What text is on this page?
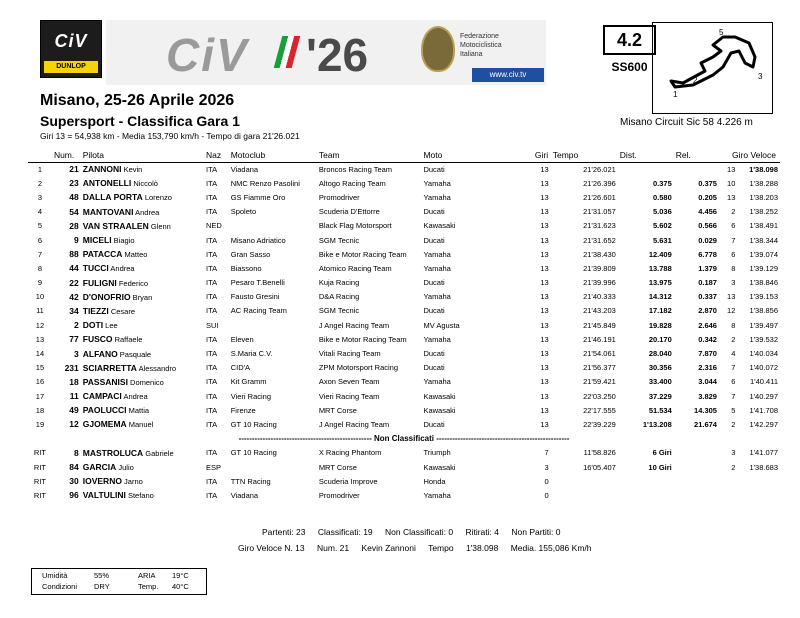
CiV
DUNLOP CiV '26	Federazione Motociclistica Italiana
www.civ.tv
4.2
SS600
1
2	3
5
Misano, 25-26 Aprile 2026
Supersport - Classifica Gara 1	Misano Circuit Sic 58 4.226 m
Giri 13 = 54,938 km - Media 153,790 km/h - Tempo di gara 21'26.021
	Num.	Pilota	Naz	Motoclub	Team	Moto	Giri	Tempo	Dist.	Rel.	Giro Veloce	
1	21	ZANNONI Kevin	ITA	Viadana	Broncos Racing Team	Ducati	13	21'26.021			13	1'38.098
2	23	ANTONELLI Niccolò	ITA	NMC Renzo Pasolini	Altogo Racing Team	Yamaha	13	21'26.396	0.375	0.375	10	1'38.288
3	48	DALLA PORTA Lorenzo	ITA	GS Fiamme Oro	Promodriver	Yamaha	13	21'26.601	0.580	0.205	13	1'38.203
4	54	MANTOVANI Andrea	ITA	Spoleto	Scuderia D'Ettorre	Ducati	13	21'31.057	5.036	4.456	2	1'38.252
5	28	VAN STRAALEN Glenn	NED		Black Flag Motorsport	Kawasaki	13	21'31.623	5.602	0.566	6	1'38.491
6	9	MICELI Biagio	ITA	Misano Adriatico	SGM Tecnic	Ducati	13	21'31.652	5.631	0.029	7	1'38.344
7	88	PATACCA Matteo	ITA	Gran Sasso	Bike e Motor Racing Team	Yamaha	13	21'38.430	12.409	6.778	6	1'39.074
8	44	TUCCI Andrea	ITA	Biassono	Atomico Racing Team	Yamaha	13	21'39.809	13.788	1.379	8	1'39.129
9	22	FULIGNI Federico	ITA	Pesaro T.Benelli	Kuja Racing	Ducati	13	21'39.996	13.975	0.187	3	1'38.846
10	42	D'ONOFRIO Bryan	ITA	Fausto Gresini	D&A Racing	Yamaha	13	21'40.333	14.312	0.337	13	1'39.153
11	34	TIEZZI Cesare	ITA	AC Racing Team	SGM Tecnic	Ducati	13	21'43.203	17.182	2.870	12	1'38.856
12	2	DOTI Lee	SUI		J Angel Racing Team	MV Agusta	13	21'45.849	19.828	2.646	8	1'39.497
13	77	FUSCO Raffaele	ITA	Eleven	Bike e Motor Racing Team	Yamaha	13	21'46.191	20.170	0.342	2	1'39.532
14	3	ALFANO Pasquale	ITA	S.Maria C.V.	Vitali Racing Team	Ducati	13	21'54.061	28.040	7.870	4	1'40.034
15	231	SCIARRETTA Alessandro	ITA	CID'A	ZPM Motorsport Racing	Ducati	13	21'56.377	30.356	2.316	7	1'40.072
16	18	PASSANISI Domenico	ITA	Kit Gramm	Axon Seven Team	Yamaha	13	21'59.421	33.400	3.044	6	1'40.411
17	11	CAMPACI Andrea	ITA	Vieri Racing	Vieri Racing Team	Kawasaki	13	22'03.250	37.229	3.829	7	1'40.297
18	49	PAOLUCCI Mattia	ITA	Firenze	MRT Corse	Kawasaki	13	22'17.555	51.534	14.305	5	1'41.708
19	12	GJOMEMA Manuel	ITA	GT 10 Racing	J Angel Racing Team	Ducati	13	22'39.229	1'13.208	21.674	2	1'42.297
-------------------------------------------------- Non Classificati --------------------------------------------------												
RIT	8	MASTROLUCA Gabriele	ITA	GT 10 Racing	X Racing Phantom	Triumph	7	11'58.826	6 Giri		3	1'41.077
RIT	84	GARCIA Julio	ESP		MRT Corse	Kawasaki	3	16'05.407	10 Giri		2	1'38.683
RIT	30	IOVERNO Jarno	ITA	TTN Racing	Scuderia Improve	Honda	0					
RIT	96	VALTULINI Stefano	ITA	Viadana	Promodriver	Yamaha	0					
Partenti: 23 Classificati: 19 Non Classificati: 0 Ritirati: 4 Non Partiti: 0
Giro Veloce N. 13 Num. 21 Kevin Zannoni Tempo 1'38.098 Media. 155,086 Km/h
Umidità	55%	ARIA 19°C
Condizioni DRY	Temp. 40°C
